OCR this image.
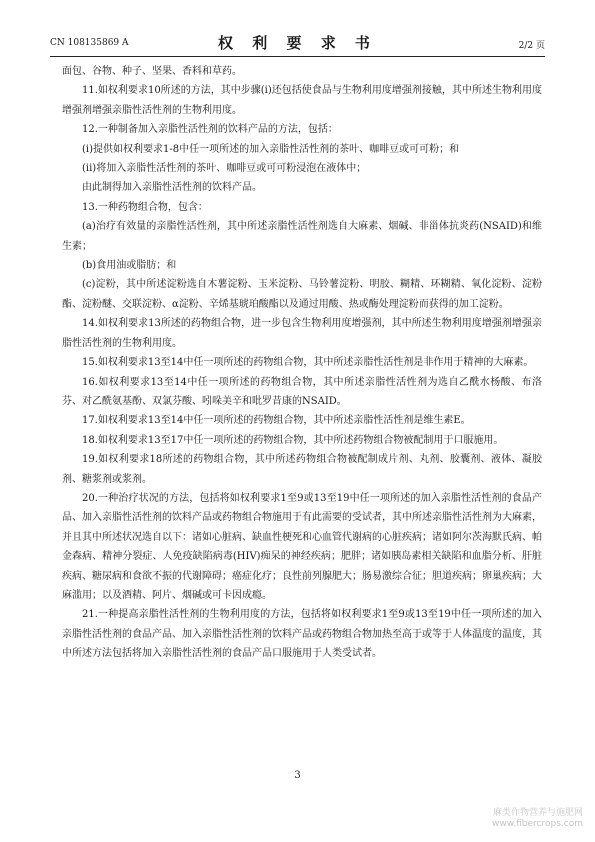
CN 108135869 A	权 利 要 求 书	2/2 页

面包、谷物、种子、坚果、香料和草药。

11.如权利要求10所述的方法，其中步骤(i)还包括使食品与生物利用度增强剂接触，其中所述生物利用度增强剂增强亲脂性活性剂的生物利用度。

12.一种制备加入亲脂性活性剂的饮料产品的方法，包括：

(i)提供如权利要求1-8中任一项所述的加入亲脂性活性剂的茶叶、咖啡豆或可可粉；和

(ii)将加入亲脂性活性剂的茶叶、咖啡豆或可可粉浸泡在液体中；

由此制得加入亲脂性活性剂的饮料产品。

13.一种药物组合物，包含：

(a)治疗有效量的亲脂性活性剂，其中所述亲脂性活性剂选自大麻素、烟碱、非甾体抗炎药(NSAID)和维生素；

(b)食用油或脂肪；和

(c)淀粉，其中所述淀粉选自木薯淀粉、玉米淀粉、马铃薯淀粉、明胶、糊精、环糊精、氧化淀粉、淀粉酯、淀粉醚、交联淀粉、α淀粉、辛烯基琥珀酸酯以及通过用酸、热或酶处理淀粉而获得的加工淀粉。

14.如权利要求13所述的药物组合物，进一步包含生物利用度增强剂，其中所述生物利用度增强剂增强亲脂性活性剂的生物利用度。

15.如权利要求13至14中任一项所述的药物组合物，其中所述亲脂性活性剂是非作用于精神的大麻素。

16.如权利要求13至14中任一项所述的药物组合物，其中所述亲脂性活性剂为选自乙酰水杨酸、布洛芬、对乙酰氨基酚、双氯芬酸、吲哚美辛和吡罗昔康的NSAID。

17.如权利要求13至14中任一项所述的药物组合物，其中所述亲脂性活性剂是维生素E。

18.如权利要求13至17中任一项所述的药物组合物，其中所述药物组合物被配制用于口服施用。

19.如权利要求18所述的药物组合物，其中所述药物组合物被配制成片剂、丸剂、胶囊剂、液体、凝胶剂、糖浆剂或浆剂。

20.一种治疗状况的方法，包括将如权利要求1至9或13至19中任一项所述的加入亲脂性活性剂的食品产品、加入亲脂性活性剂的饮料产品或药物组合物施用于有此需要的受试者，其中所述亲脂性活性剂为大麻素，并且其中所述状况选自以下：诸如心脏病、缺血性梗死和心血管代谢病的心脏疾病；诸如阿尔茨海默氏病、帕金森病、精神分裂症、人免疫缺陷病毒(HIV)痴呆的神经疾病；肥胖；诸如胰岛素相关缺陷和血脂分析、肝脏疾病、糖尿病和食欲不振的代谢障碍；癌症化疗；良性前列腺肥大；肠易激综合征；胆道疾病；卵巢疾病；大麻滥用；以及酒精、阿片、烟碱或可卡因成瘾。

21.一种提高亲脂性活性剂的生物利用度的方法，包括将如权利要求1至9或13至19中任一项所述的加入亲脂性活性剂的食品产品、加入亲脂性活性剂的饮料产品或药物组合物加热至高于或等于人体温度的温度，其中所述方法包括将加入亲脂性活性剂的食品产品口服施用于人类受试者。

3
麻类作物营养与施肥网
www.fibercrops.com
